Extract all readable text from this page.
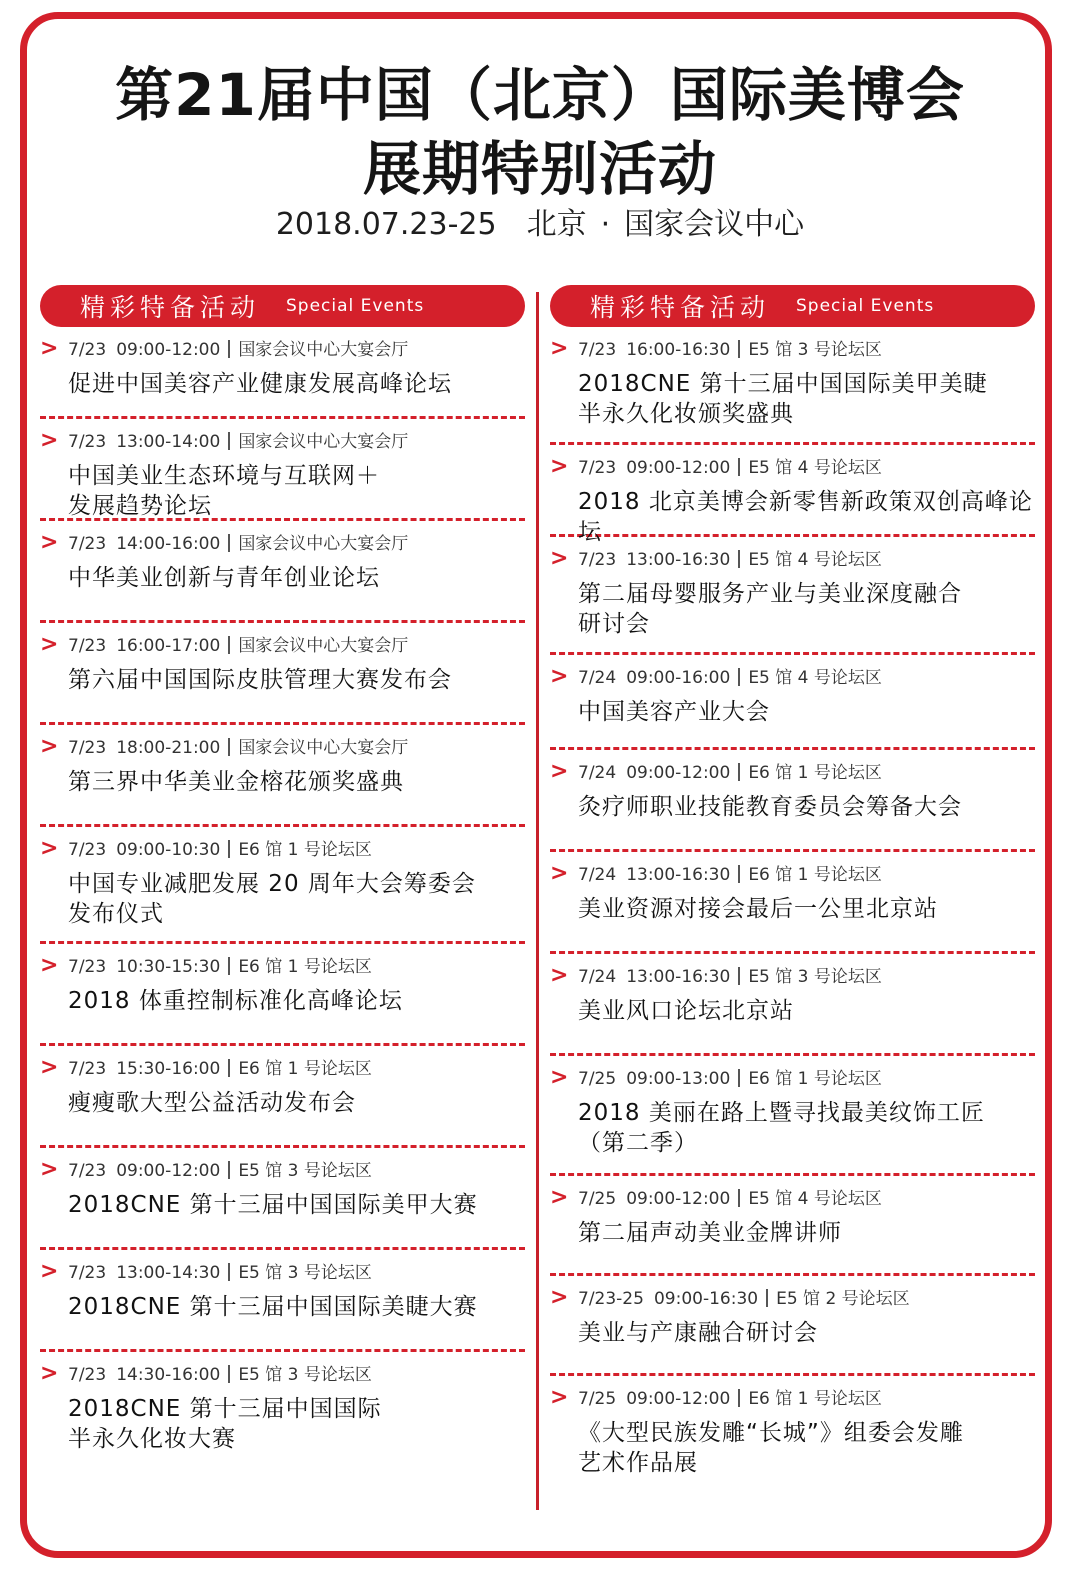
第21届中国（北京）国际美博会
展期特别活动
2018.07.23-25 北京 · 国家会议中心
精彩特备活动 Special Events
> 7/23 09:00-12:00 国家会议中心大宴会厅
促进中国美容产业健康发展高峰论坛
> 7/23 13:00-14:00 国家会议中心大宴会厅
中国美业生态环境与互联网＋
发展趋势论坛
> 7/23 14:00-16:00 国家会议中心大宴会厅
中华美业创新与青年创业论坛
> 7/23 16:00-17:00 国家会议中心大宴会厅
第六届中国国际皮肤管理大赛发布会
> 7/23 18:00-21:00 国家会议中心大宴会厅
第三界中华美业金榕花颁奖盛典
> 7/23 09:00-10:30 E6 馆 1 号论坛区
中国专业减肥发展 20 周年大会筹委会
发布仪式
> 7/23 10:30-15:30 E6 馆 1 号论坛区
2018 体重控制标准化高峰论坛
> 7/23 15:30-16:00 E6 馆 1 号论坛区
瘦瘦歌大型公益活动发布会
> 7/23 09:00-12:00 E5 馆 3 号论坛区
2018CNE 第十三届中国国际美甲大赛
> 7/23 13:00-14:30 E5 馆 3 号论坛区
2018CNE 第十三届中国国际美睫大赛
> 7/23 14:30-16:00 E5 馆 3 号论坛区
2018CNE 第十三届中国国际
半永久化妆大赛
精彩特备活动 Special Events
> 7/23 16:00-16:30 E5 馆 3 号论坛区
2018CNE 第十三届中国国际美甲美睫
半永久化妆颁奖盛典
> 7/23 09:00-12:00 E5 馆 4 号论坛区
2018 北京美博会新零售新政策双创高峰论坛
> 7/23 13:00-16:30 E5 馆 4 号论坛区
第二届母婴服务产业与美业深度融合
研讨会
> 7/24 09:00-16:00 E5 馆 4 号论坛区
中国美容产业大会
> 7/24 09:00-12:00 E6 馆 1 号论坛区
灸疗师职业技能教育委员会筹备大会
> 7/24 13:00-16:30 E6 馆 1 号论坛区
美业资源对接会最后一公里北京站
> 7/24 13:00-16:30 E5 馆 3 号论坛区
美业风口论坛北京站
> 7/25 09:00-13:00 E6 馆 1 号论坛区
2018 美丽在路上暨寻找最美纹饰工匠
（第二季）
> 7/25 09:00-12:00 E5 馆 4 号论坛区
第二届声动美业金牌讲师
> 7/23-25 09:00-16:30 E5 馆 2 号论坛区
美业与产康融合研讨会
> 7/25 09:00-12:00 E6 馆 1 号论坛区
《大型民族发雕“长城”》组委会发雕
艺术作品展
